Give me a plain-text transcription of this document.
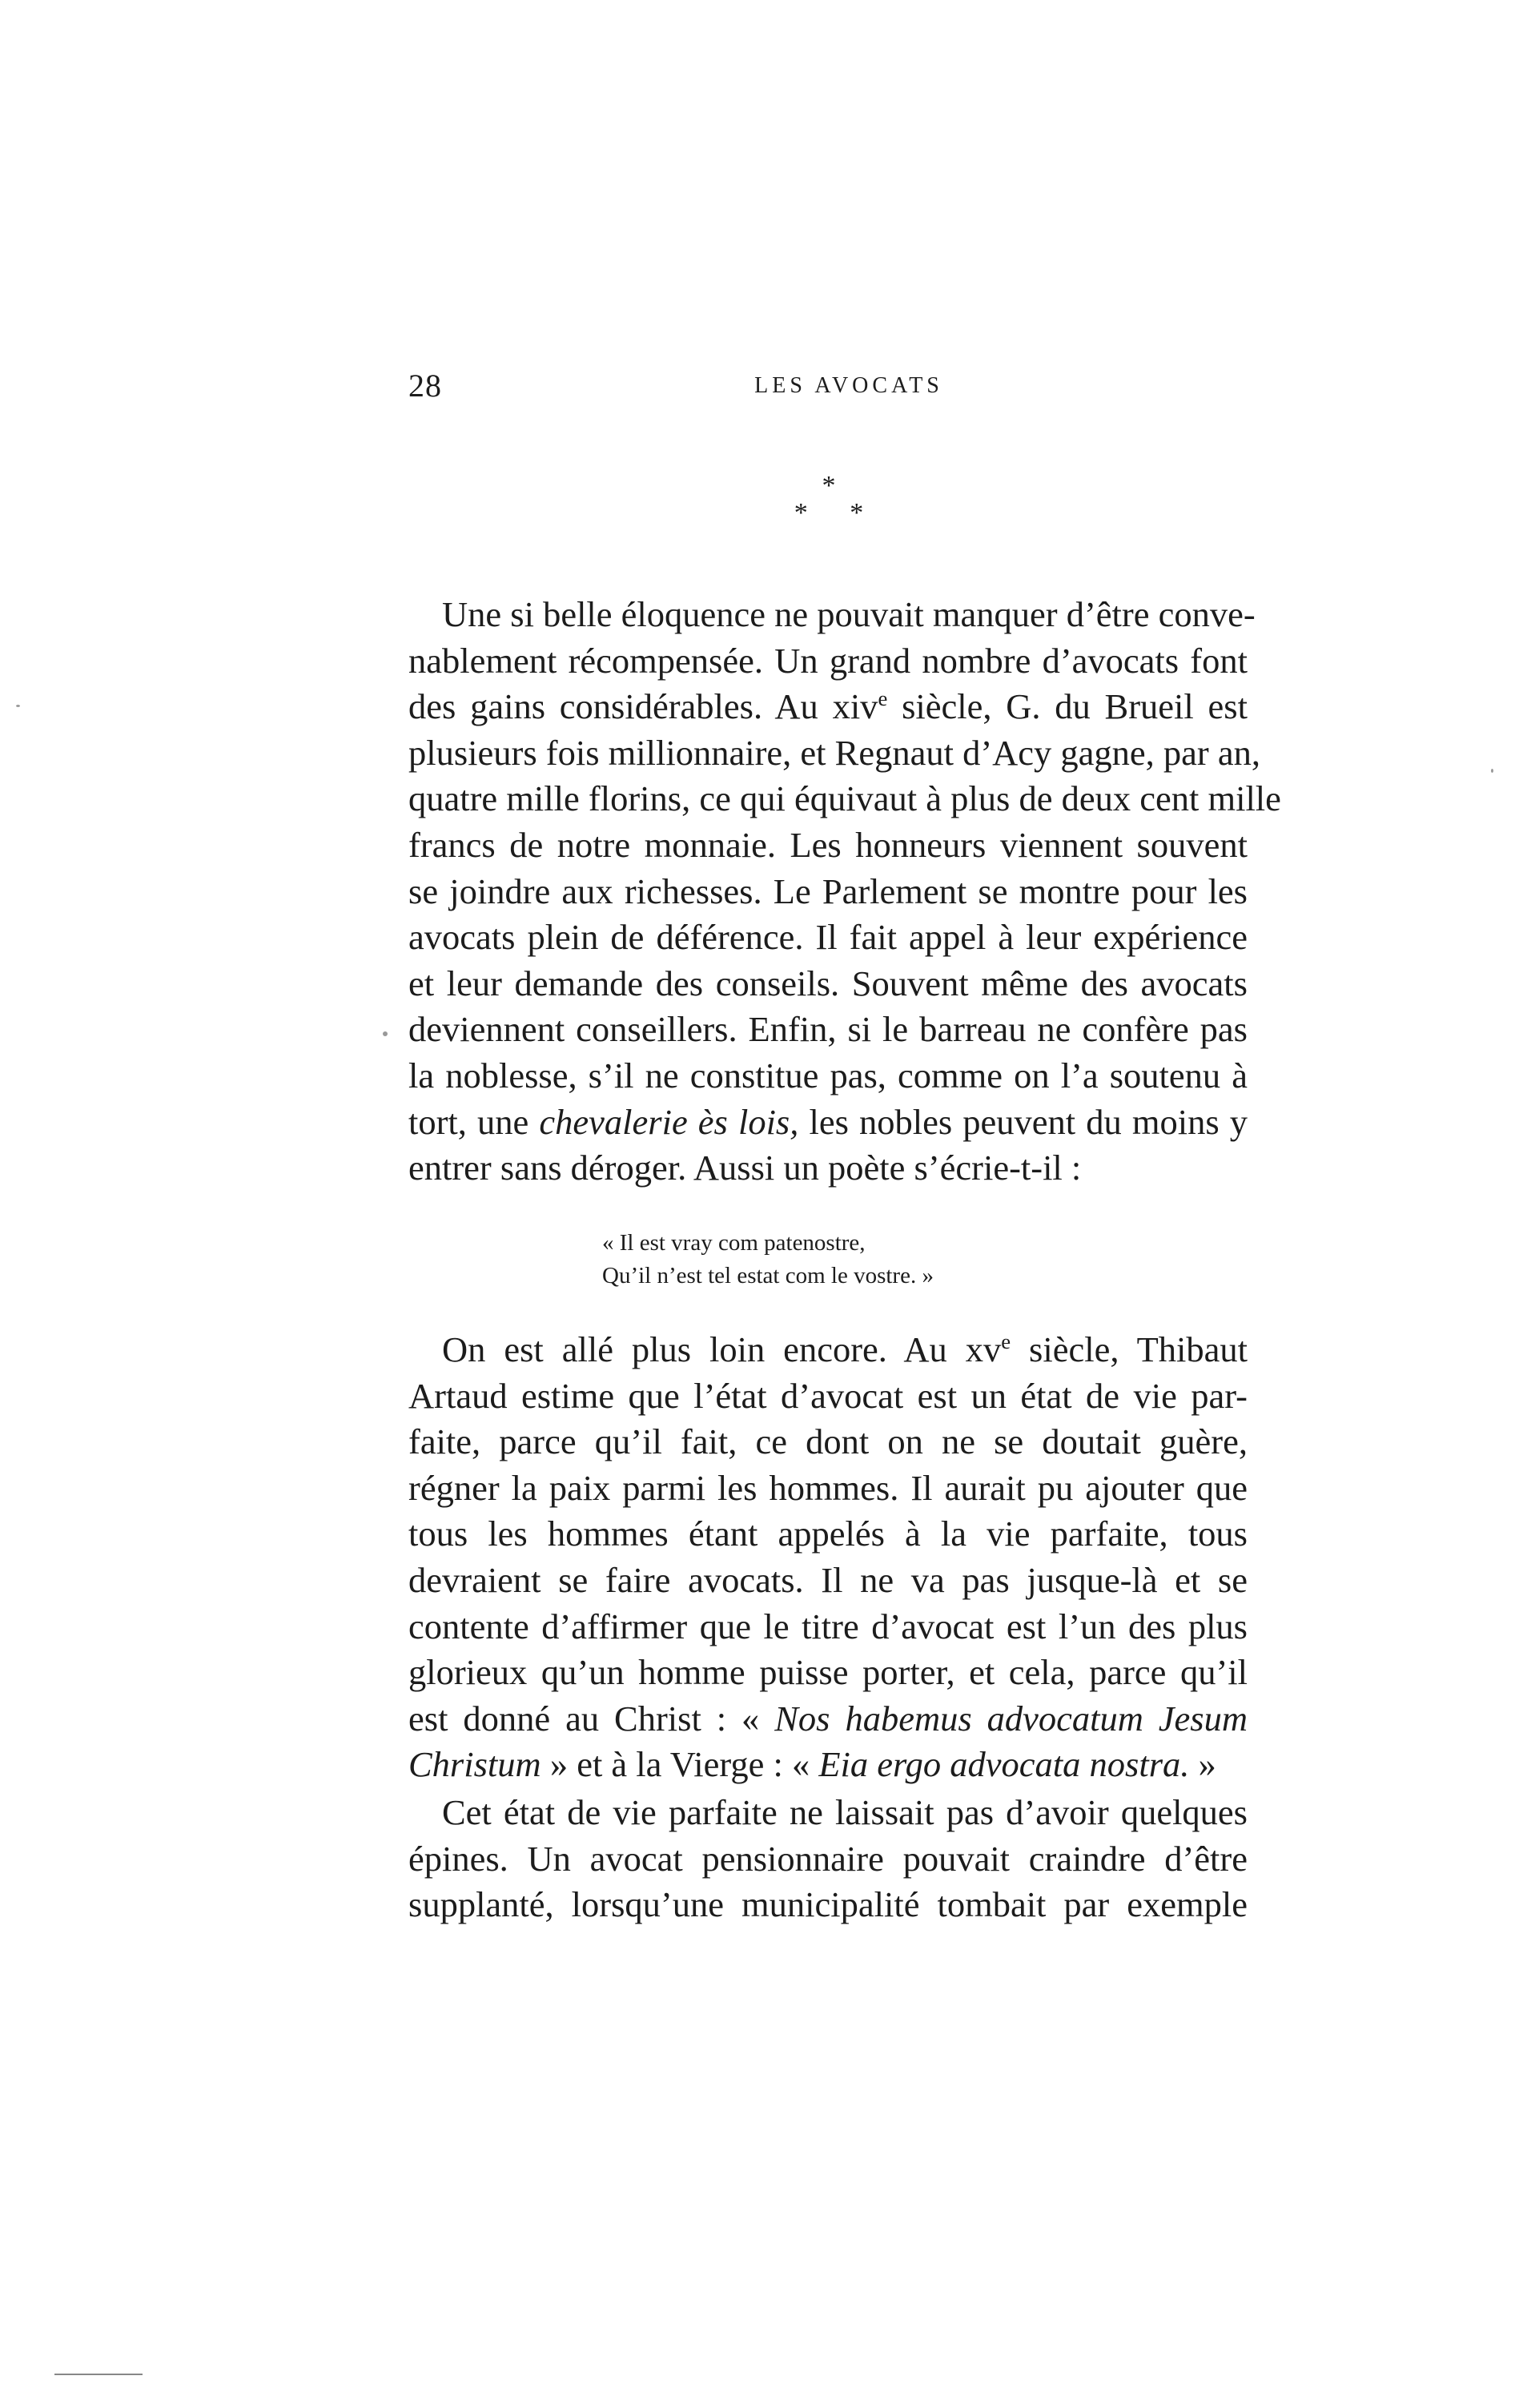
28	LES AVOCATS
*
* *
Une si belle éloquence ne pouvait manquer d’être conve-
nablement récompensée. Un grand nombre d’avocats font
des gains considérables. Au xiv$^e$ siècle, G. du Brueil est
plusieurs fois millionnaire, et Regnaut d’Acy gagne, par an,
quatre mille florins, ce qui équivaut à plus de deux cent mille
francs de notre monnaie. Les honneurs viennent souvent
se joindre aux richesses. Le Parlement se montre pour les
avocats plein de déférence. Il fait appel à leur expérience
et leur demande des conseils. Souvent même des avocats
deviennent conseillers. Enfin, si le barreau ne confère pas
la noblesse, s’il ne constitue pas, comme on l’a soutenu à
tort, une chevalerie ès lois, les nobles peuvent du moins y
entrer sans déroger. Aussi un poète s’écrie-t-il :
« Il est vray com patenostre,
Qu’il n’est tel estat com le vostre. »
On est allé plus loin encore. Au $xv^e$ siècle, Thibaut
Artaud estime que l’état d’avocat est un état de vie par-
faite, parce qu’il fait, ce dont on ne se doutait guère,
régner la paix parmi les hommes. Il aurait pu ajouter que
tous les hommes étant appelés à la vie parfaite, tous
devraient se faire avocats. Il ne va pas jusque-là et se
contente d’affirmer que le titre d’avocat est l’un des plus
glorieux qu’un homme puisse porter, et cela, parce qu’il
est donné au Christ : « Nos habemus advocatum Jesum
Christum » et à la Vierge : « Eia ergo advocata nostra. »
Cet état de vie parfaite ne laissait pas d’avoir quelques
épines. Un avocat pensionnaire pouvait craindre d’être
supplanté, lorsqu’une municipalité tombait par exemple
